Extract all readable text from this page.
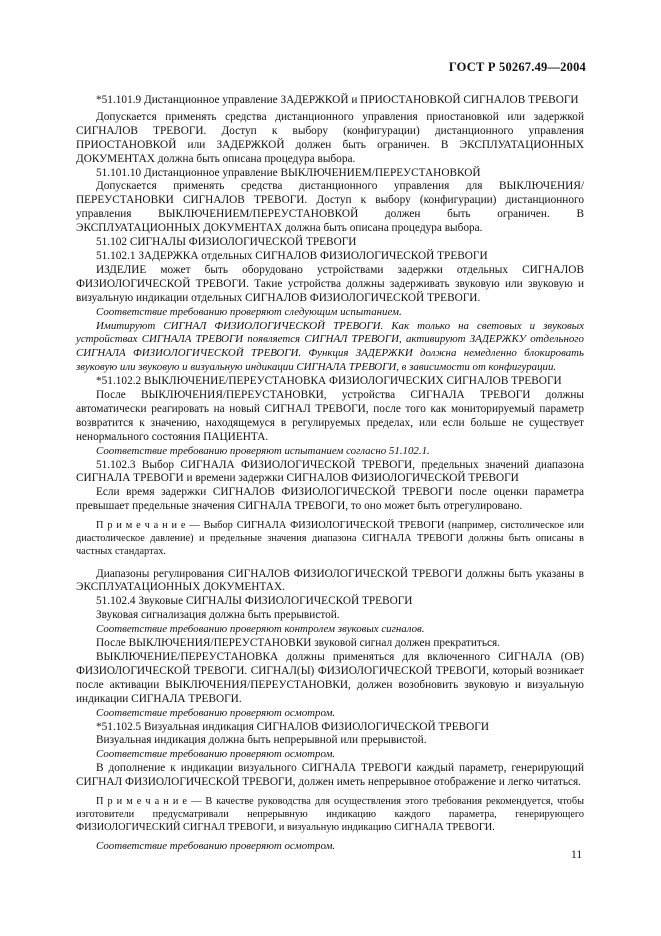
ГОСТ Р 50267.49—2004

*51.101.9 Дистанционное управление ЗАДЕРЖКОЙ и ПРИОСТАНОВКОЙ СИГНАЛОВ ТРЕВОГИ

Допускается применять средства дистанционного управления приостановкой или задержкой СИГНАЛОВ ТРЕВОГИ. Доступ к выбору (конфигурации) дистанционного управления ПРИОСТАНОВКОЙ или ЗАДЕРЖКОЙ должен быть ограничен. В ЭКСПЛУАТАЦИОННЫХ ДОКУМЕНТАХ должна быть описана процедура выбора.

51.101.10 Дистанционное управление ВЫКЛЮЧЕНИЕМ/ПЕРЕУСТАНОВКОЙ

Допускается применять средства дистанционного управления для ВЫКЛЮЧЕНИЯ/ПЕРЕУСТАНОВКИ СИГНАЛОВ ТРЕВОГИ. Доступ к выбору (конфигурации) дистанционного управления ВЫКЛЮЧЕНИЕМ/ПЕРЕУСТАНОВКОЙ должен быть ограничен. В ЭКСПЛУАТАЦИОННЫХ ДОКУМЕНТАХ должна быть описана процедура выбора.

51.102 СИГНАЛЫ ФИЗИОЛОГИЧЕСКОЙ ТРЕВОГИ

51.102.1 ЗАДЕРЖКА отдельных СИГНАЛОВ ФИЗИОЛОГИЧЕСКОЙ ТРЕВОГИ

ИЗДЕЛИЕ может быть оборудовано устройствами задержки отдельных СИГНАЛОВ ФИЗИОЛОГИЧЕСКОЙ ТРЕВОГИ. Такие устройства должны задерживать звуковую или звуковую и визуальную индикации отдельных СИГНАЛОВ ФИЗИОЛОГИЧЕСКОЙ ТРЕВОГИ.

Соответствие требованию проверяют следующим испытанием.

Имитируют СИГНАЛ ФИЗИОЛОГИЧЕСКОЙ ТРЕВОГИ. Как только на световых и звуковых устройствах СИГНАЛА ТРЕВОГИ появляется СИГНАЛ ТРЕВОГИ, активируют ЗАДЕРЖКУ отдельного СИГНАЛА ФИЗИОЛОГИЧЕСКОЙ ТРЕВОГИ. Функция ЗАДЕРЖКИ должна немедленно блокировать звуковую или звуковую и визуальную индикации СИГНАЛА ТРЕВОГИ, в зависимости от конфигурации.

*51.102.2 ВЫКЛЮЧЕНИЕ/ПЕРЕУСТАНОВКА ФИЗИОЛОГИЧЕСКИХ СИГНАЛОВ ТРЕВОГИ

После ВЫКЛЮЧЕНИЯ/ПЕРЕУСТАНОВКИ, устройства СИГНАЛА ТРЕВОГИ должны автоматически реагировать на новый СИГНАЛ ТРЕВОГИ, после того как мониторируемый параметр возвратится к значению, находящемуся в регулируемых пределах, или если больше не существует ненормального состояния ПАЦИЕНТА.

Соответствие требованию проверяют испытанием согласно 51.102.1.

51.102.3 Выбор СИГНАЛА ФИЗИОЛОГИЧЕСКОЙ ТРЕВОГИ, предельных значений диапазона СИГНАЛА ТРЕВОГИ и времени задержки СИГНАЛОВ ФИЗИОЛОГИЧЕСКОЙ ТРЕВОГИ

Если время задержки СИГНАЛОВ ФИЗИОЛОГИЧЕСКОЙ ТРЕВОГИ после оценки параметра превышает предельные значения СИГНАЛА ТРЕВОГИ, то оно может быть отрегулировано.

П р и м е ч а н и е — Выбор СИГНАЛА ФИЗИОЛОГИЧЕСКОЙ ТРЕВОГИ (например, систолическое или диастолическое давление) и предельные значения диапазона СИГНАЛА ТРЕВОГИ должны быть описаны в частных стандартах.

Диапазоны регулирования СИГНАЛОВ ФИЗИОЛОГИЧЕСКОЙ ТРЕВОГИ должны быть указаны в ЭКСПЛУАТАЦИОННЫХ ДОКУМЕНТАХ.

51.102.4 Звуковые СИГНАЛЫ ФИЗИОЛОГИЧЕСКОЙ ТРЕВОГИ

Звуковая сигнализация должна быть прерывистой.

Соответствие требованию проверяют контролем звуковых сигналов.

После ВЫКЛЮЧЕНИЯ/ПЕРЕУСТАНОВКИ звуковой сигнал должен прекратиться.

ВЫКЛЮЧЕНИЕ/ПЕРЕУСТАНОВКА должны применяться для включенного СИГНАЛА (ОВ) ФИЗИОЛОГИЧЕСКОЙ ТРЕВОГИ. СИГНАЛ(Ы) ФИЗИОЛОГИЧЕСКОЙ ТРЕВОГИ, который возникает после активации ВЫКЛЮЧЕНИЯ/ПЕРЕУСТАНОВКИ, должен возобновить звуковую и визуальную индикации СИГНАЛА ТРЕВОГИ.

Соответствие требованию проверяют осмотром.

*51.102.5 Визуальная индикация СИГНАЛОВ ФИЗИОЛОГИЧЕСКОЙ ТРЕВОГИ

Визуальная индикация должна быть непрерывной или прерывистой.

Соответствие требованию проверяют осмотром.

В дополнение к индикации визуального СИГНАЛА ТРЕВОГИ каждый параметр, генерирующий СИГНАЛ ФИЗИОЛОГИЧЕСКОЙ ТРЕВОГИ, должен иметь непрерывное отображение и легко читаться.

П р и м е ч а н и е — В качестве руководства для осуществления этого требования рекомендуется, чтобы изготовители предусматривали непрерывную индикацию каждого параметра, генерирующего ФИЗИОЛОГИЧЕСКИЙ СИГНАЛ ТРЕВОГИ, и визуальную индикацию СИГНАЛА ТРЕВОГИ.

Соответствие требованию проверяют осмотром.

11
